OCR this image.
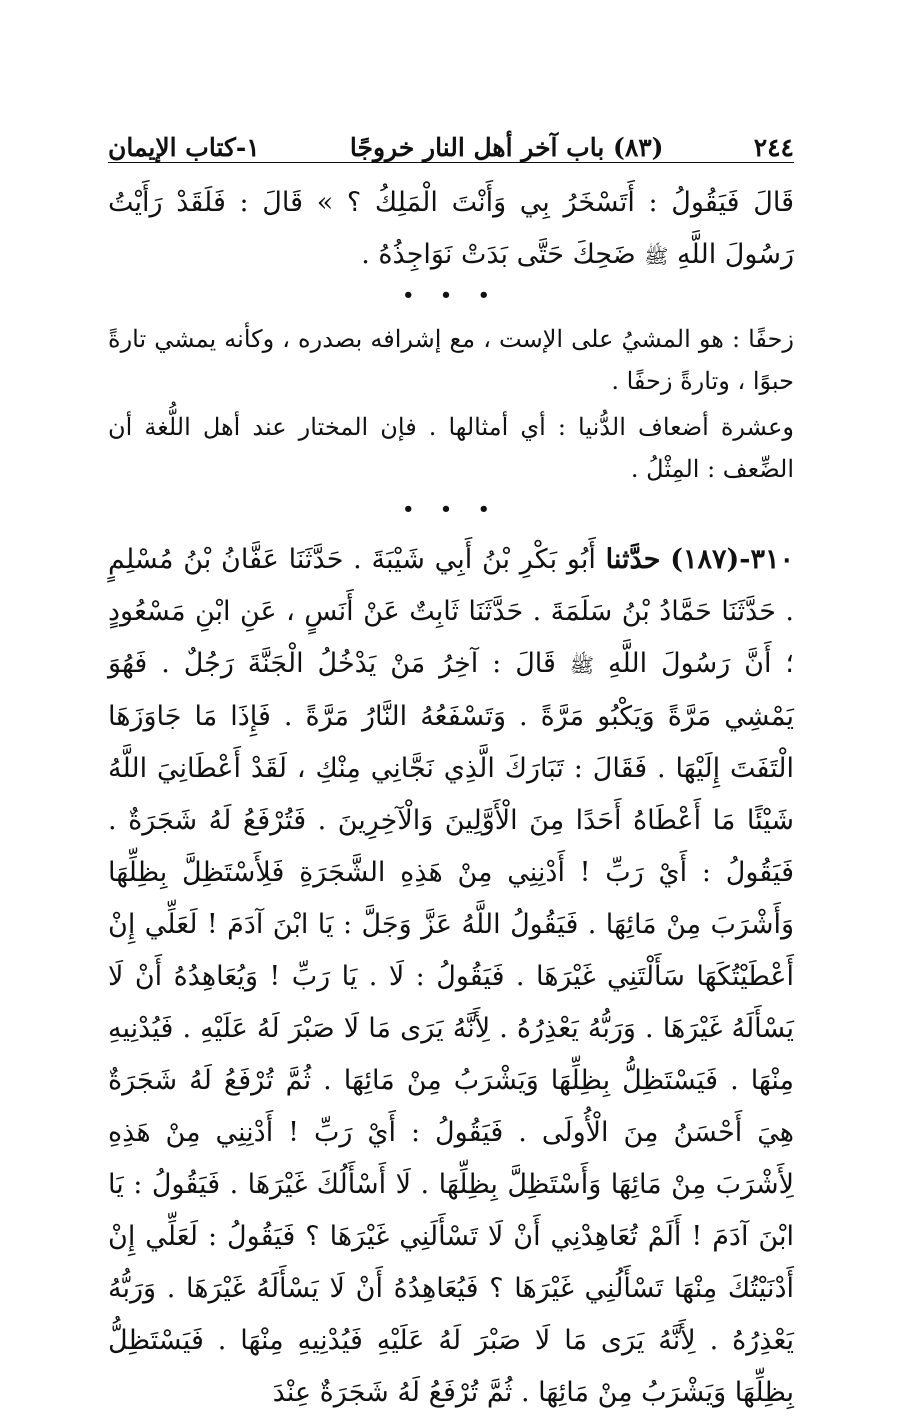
٢٤٤
(٨٣) باب آخر أهل النار خروجًا
١-كتاب الإيمان

قَالَ فَيَقُولُ : أَتَسْخَرُ بِي وَأَنْتَ الْمَلِكُ ؟ » قَالَ : فَلَقَدْ رَأَيْتُ رَسُولَ اللَّهِ ﷺ ضَحِكَ حَتَّى بَدَتْ نَوَاجِذُهُ .

• • •

زحفًا : هو المشيُ على الإست ، مع إشرافه بصدره ، وكأنه يمشي تارةً حبوًا ، وتارةً زحفًا .

وعشرة أضعاف الدُّنيا : أي أمثالها . فإن المختار عند أهل اللُّغة أن الضِّعف : المِثْلُ .

• • •

٣١٠-(١٨٧) حدَّثنا أَبُو بَكْرِ بْنُ أَبِي شَيْبَةَ . حَدَّثَنَا عَفَّانُ بْنُ مُسْلِمٍ . حَدَّثَنَا حَمَّادُ بْنُ سَلَمَةَ . حَدَّثَنَا ثَابِتٌ عَنْ أَنَسٍ ، عَنِ ابْنِ مَسْعُودٍ ؛ أَنَّ رَسُولَ اللَّهِ ﷺ قَالَ : آخِرُ مَنْ يَدْخُلُ الْجَنَّةَ رَجُلٌ . فَهُوَ يَمْشِي مَرَّةً وَيَكْبُو مَرَّةً . وَتَسْفَعُهُ النَّارُ مَرَّةً . فَإِذَا مَا جَاوَزَهَا الْتَفَتَ إِلَيْهَا . فَقَالَ : تَبَارَكَ الَّذِي نَجَّانِي مِنْكِ ، لَقَدْ أَعْطَانِيَ اللَّهُ شَيْئًا مَا أَعْطَاهُ أَحَدًا مِنَ الْأَوَّلِينَ وَالْآخِرِينَ . فَتُرْفَعُ لَهُ شَجَرَةٌ . فَيَقُولُ : أَيْ رَبِّ ! أَدْنِنِي مِنْ هَذِهِ الشَّجَرَةِ فَلِأَسْتَظِلَّ بِظِلِّهَا وَأَشْرَبَ مِنْ مَائِهَا . فَيَقُولُ اللَّهُ عَزَّ وَجَلَّ : يَا ابْنَ آدَمَ ! لَعَلِّي إِنْ أَعْطَيْتُكَهَا سَأَلْتَنِي غَيْرَهَا . فَيَقُولُ : لَا . يَا رَبِّ ! وَيُعَاهِدُهُ أَنْ لَا يَسْأَلَهُ غَيْرَهَا . وَرَبُّهُ يَعْذِرُهُ . لِأَنَّهُ يَرَى مَا لَا صَبْرَ لَهُ عَلَيْهِ . فَيُدْنِيهِ مِنْهَا . فَيَسْتَظِلُّ بِظِلِّهَا وَيَشْرَبُ مِنْ مَائِهَا . ثُمَّ تُرْفَعُ لَهُ شَجَرَةٌ هِيَ أَحْسَنُ مِنَ الْأُولَى . فَيَقُولُ : أَيْ رَبِّ ! أَدْنِنِي مِنْ هَذِهِ لِأَشْرَبَ مِنْ مَائِهَا وَأَسْتَظِلَّ بِظِلِّهَا . لَا أَسْأَلُكَ غَيْرَهَا . فَيَقُولُ : يَا ابْنَ آدَمَ ! أَلَمْ تُعَاهِدْنِي أَنْ لَا تَسْأَلَنِي غَيْرَهَا ؟ فَيَقُولُ : لَعَلِّي إِنْ أَدْنَيْتُكَ مِنْهَا تَسْأَلُنِي غَيْرَهَا ؟ فَيُعَاهِدُهُ أَنْ لَا يَسْأَلَهُ غَيْرَهَا . وَرَبُّهُ يَعْذِرُهُ . لِأَنَّهُ يَرَى مَا لَا صَبْرَ لَهُ عَلَيْهِ فَيُدْنِيهِ مِنْهَا . فَيَسْتَظِلُّ بِظِلِّهَا وَيَشْرَبُ مِنْ مَائِهَا . ثُمَّ تُرْفَعُ لَهُ شَجَرَةٌ عِنْدَ
